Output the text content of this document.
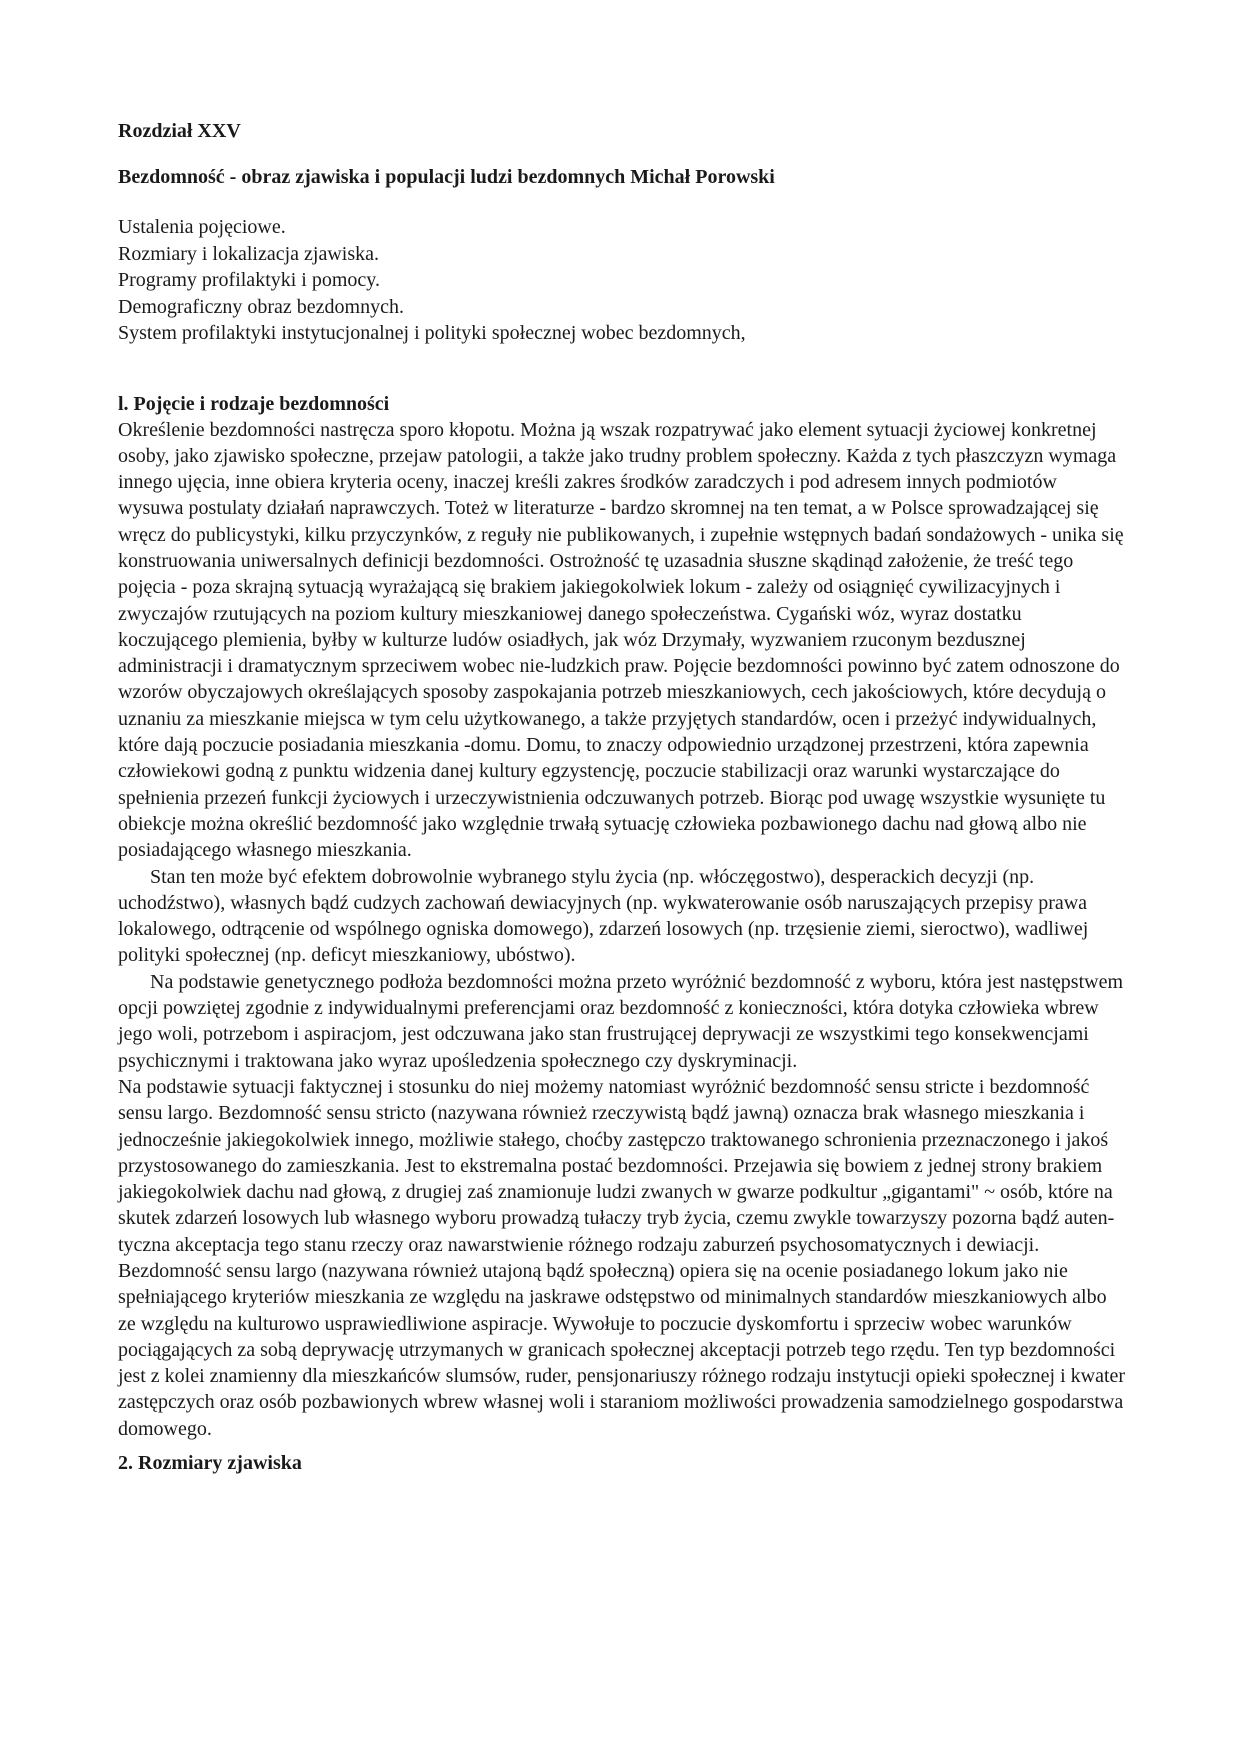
Rozdział XXV

Bezdomność - obraz zjawiska i populacji ludzi bezdomnych Michał Porowski

Ustalenia pojęciowe.
Rozmiary i lokalizacja zjawiska.
Programy profilaktyki i pomocy.
Demograficzny obraz bezdomnych.
System profilaktyki instytucjonalnej i polityki społecznej wobec bezdomnych,

l. Pojęcie i rodzaje bezdomności

Określenie bezdomności nastręcza sporo kłopotu. Można ją wszak rozpatrywać jako element sytuacji życiowej konkretnej osoby, jako zjawisko społeczne, przejaw patologii, a także jako trudny problem społeczny. Każda z tych płaszczyzn wymaga innego ujęcia, inne obiera kryteria oceny, inaczej kreśli zakres środków zaradczych i pod adresem innych podmiotów wysuwa postulaty działań naprawczych. Toteż w literaturze - bardzo skromnej na ten temat, a w Polsce sprowadzającej się wręcz do publicystyki, kilku przyczynków, z reguły nie publikowanych, i zupełnie wstępnych badań sondażowych - unika się konstruowania uniwersalnych definicji bezdomności. Ostrożność tę uzasadnia słuszne skądinąd założenie, że treść tego pojęcia - poza skrajną sytuacją wyrażającą się brakiem jakiegokolwiek lokum - zależy od osiągnięć cywilizacyjnych i zwyczajów rzutujących na poziom kultury mieszkaniowej danego społeczeństwa. Cygański wóz, wyraz dostatku koczującego plemienia, byłby w kulturze ludów osiadłych, jak wóz Drzymały, wyzwaniem rzuconym bezdusznej administracji i dramatycznym sprzeciwem wobec nie-ludzkich praw. Pojęcie bezdomności powinno być zatem odnoszone do wzorów obyczajowych określających sposoby zaspokajania potrzeb mieszkaniowych, cech jakościowych, które decydują o uznaniu za mieszkanie miejsca w tym celu użytkowanego, a także przyjętych standardów, ocen i przeżyć indywidualnych, które dają poczucie posiadania mieszkania -domu. Domu, to znaczy odpowiednio urządzonej przestrzeni, która zapewnia człowiekowi godną z punktu widzenia danej kultury egzystencję, poczucie stabilizacji oraz warunki wystarczające do spełnienia przezeń funkcji życiowych i urzeczywistnienia odczuwanych potrzeb. Biorąc pod uwagę wszystkie wysunięte tu obiekcje można określić bezdomność jako względnie trwałą sytuację człowieka pozbawionego dachu nad głową albo nie posiadającego własnego mieszkania.

Stan ten może być efektem dobrowolnie wybranego stylu życia (np. włóczęgostwo), desperackich decyzji (np. uchodźstwo), własnych bądź cudzych zachowań dewiacyjnych (np. wykwaterowanie osób naruszających przepisy prawa lokalowego, odtrącenie od wspólnego ogniska domowego), zdarzeń losowych (np. trzęsienie ziemi, sieroctwo), wadliwej polityki społecznej (np. deficyt mieszkaniowy, ubóstwo).

Na podstawie genetycznego podłoża bezdomności można przeto wyróżnić bezdomność z wyboru, która jest następstwem opcji powziętej zgodnie z indywidualnymi preferencjami oraz bezdomność z konieczności, która dotyka człowieka wbrew jego woli, potrzebom i aspiracjom, jest odczuwana jako stan frustrującej deprywacji ze wszystkimi tego konsekwencjami psychicznymi i traktowana jako wyraz upośledzenia społecznego czy dyskryminacji.

Na podstawie sytuacji faktycznej i stosunku do niej możemy natomiast wyróżnić bezdomność sensu stricte i bezdomność sensu largo. Bezdomność sensu stricto (nazywana również rzeczywistą bądź jawną) oznacza brak własnego mieszkania i jednocześnie jakiegokolwiek innego, możliwie stałego, choćby zastępczo traktowanego schronienia przeznaczonego i jakoś przystosowanego do zamieszkania. Jest to ekstremalna postać bezdomności. Przejawia się bowiem z jednej strony brakiem jakiegokolwiek dachu nad głową, z drugiej zaś znamionuje ludzi zwanych w gwarze podkultur „gigantami" ~ osób, które na skutek zdarzeń losowych lub własnego wyboru prowadzą tułaczy tryb życia, czemu zwykle towarzyszy pozorna bądź auten-tyczna akceptacja tego stanu rzeczy oraz nawarstwienie różnego rodzaju zaburzeń psychosomatycznych i dewiacji. Bezdomność sensu largo (nazywana również utajoną bądź społeczną) opiera się na ocenie posiadanego lokum jako nie spełniającego kryteriów mieszkania ze względu na jaskrawe odstępstwo od minimalnych standardów mieszkaniowych albo ze względu na kulturowo usprawiedliwione aspiracje. Wywołuje to poczucie dyskomfortu i sprzeciw wobec warunków pociągających za sobą deprywację utrzymanych w granicach społecznej akceptacji potrzeb tego rzędu. Ten typ bezdomności jest z kolei znamienny dla mieszkańców slumsów, ruder, pensjonariuszy różnego rodzaju instytucji opieki społecznej i kwater zastępczych oraz osób pozbawionych wbrew własnej woli i staraniom możliwości prowadzenia samodzielnego gospodarstwa domowego.

2. Rozmiary zjawiska
